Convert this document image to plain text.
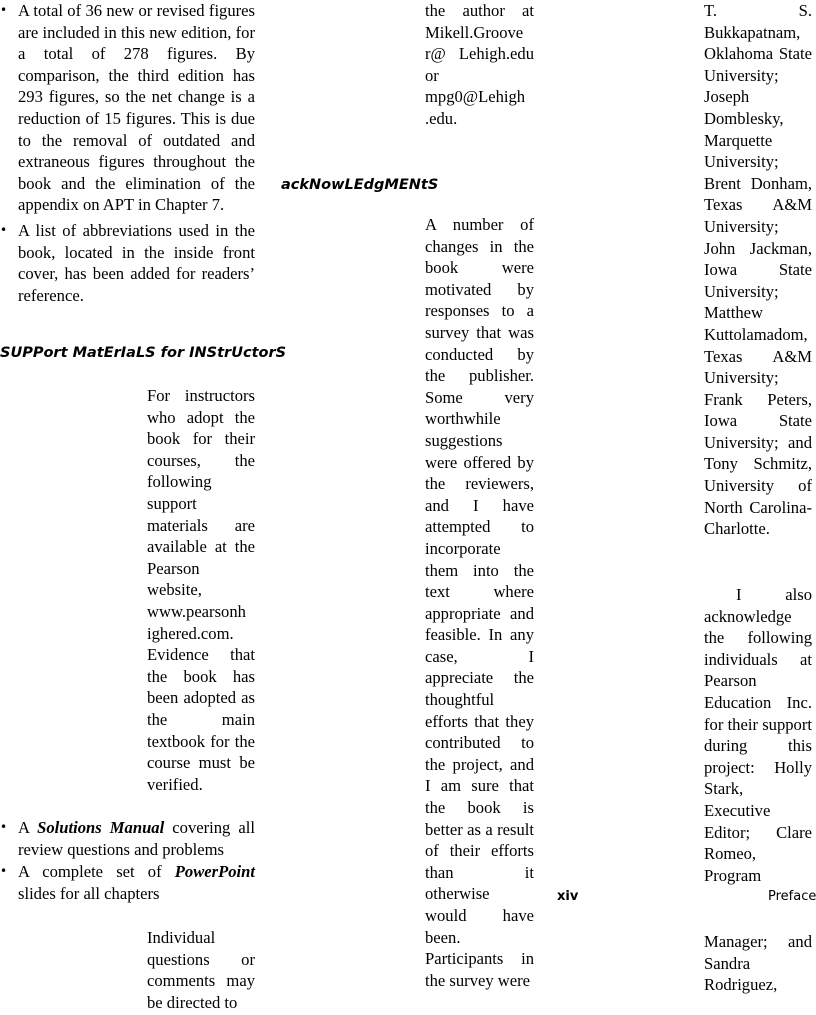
• A total of 36 new or revised figures are included in this new edition, for a total of 278 figures. By comparison, the third edition has 293 figures, so the net change is a reduction of 15 figures. This is due to the removal of outdated and extraneous figures throughout the book and the elimination of the appendix on APT in Chapter 7.
• A list of abbreviations used in the book, located in the inside front cover, has been added for readers’ reference.
SUPPort MatErIaLS for INStrUctorS

For instructors who adopt the book for their courses, the following support materials are available at the Pearson website, www.pearsonh ighered.com. Evidence that the book has been adopted as the main textbook for the course must be verified.

• A Solutions Manual covering all review questions and problems
• A complete set of PowerPoint slides for all chapters

Individual questions or comments may be directed to

the author at Mikell.Groove r@ Lehigh.edu or mpg0@Lehigh .edu.

ackNowLEdgMENtS

A number of changes in the book were motivated by responses to a survey that was conducted by the publisher. Some very worthwhile suggestions were offered by the reviewers, and I have attempted to incorporate them into the text where appropriate and feasible. In any case, I appreciate the thoughtful efforts that they contributed to the project, and I am sure that the book is better as a result of their efforts than it otherwise would have been. Participants in the survey were

T. S. Bukkapatnam, Oklahoma State University; Joseph Domblesky, Marquette University; Brent Donham, Texas A&M University; John Jackman, Iowa State University; Matthew Kuttolamadom, Texas A&M University; Frank Peters, Iowa State University; and Tony Schmitz, University of North Carolina-Charlotte.

I also acknowledge the following individuals at Pearson Education Inc. for their support during this project: Holly Stark, Executive Editor; Clare Romeo, Program

xiv	Preface

Manager; and Sandra Rodriguez,
